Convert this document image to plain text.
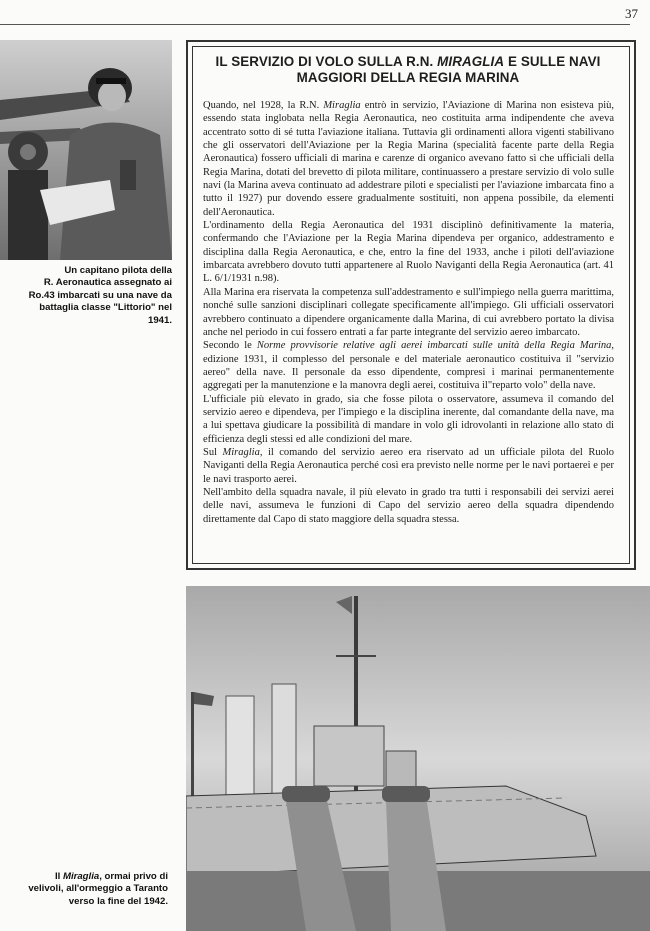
37
Un capitano pilota della
R. Aeronautica assegnato ai
Ro.43 imbarcati su una nave da
battaglia classe "Littorio" nel
1941.
IL SERVIZIO DI VOLO SULLA R.N. MIRAGLIA E SULLE NAVI
MAGGIORI DELLA REGIA MARINA

Quando, nel 1928, la R.N. Miraglia entrò in servizio, l'Aviazione di Marina non esisteva più, essendo stata inglobata nella Regia Aeronautica, neo costituita arma indipendente che aveva accentrato sotto di sé tutta l'aviazione italiana. Tuttavia gli ordinamenti allora vigenti stabilivano che gli osservatori dell'Aviazione per la Regia Marina (specialità facente parte della Regia Aeronautica) fossero ufficiali di marina e carenze di organico avevano fatto sì che ufficiali della Regia Marina, dotati del brevetto di pilota militare, continuassero a prestare servizio di volo sulle navi (la Marina aveva continuato ad addestrare piloti e specialisti per l'aviazione imbarcata fino a tutto il 1927) pur dovendo essere gradualmente sostituiti, non appena possibile, da elementi dell'Aeronautica.

L'ordinamento della Regia Aeronautica del 1931 disciplinò definitivamente la materia, confermando che l'Aviazione per la Regia Marina dipendeva per organico, addestramento e disciplina dalla Regia Aeronautica, e che, entro la fine del 1933, anche i piloti dell'aviazione imbarcata avrebbero dovuto tutti appartenere al Ruolo Naviganti della Regia Aeronautica (art. 41 L. 6/1/1931 n.98).

Alla Marina era riservata la competenza sull'addestramento e sull'impiego nella guerra marittima, nonché sulle sanzioni disciplinari collegate specificamente all'impiego. Gli ufficiali osservatori avrebbero continuato a dipendere organicamente dalla Marina, di cui avrebbero portato la divisa anche nel periodo in cui fossero entrati a far parte integrante del servizio aereo imbarcato.

Secondo le Norme provvisorie relative agli aerei imbarcati sulle unità della Regia Marina, edizione 1931, il complesso del personale e del materiale aeronautico costituiva il "servizio aereo" della nave. Il personale da esso dipendente, compresi i marinai permanentemente aggregati per la manutenzione e la manovra degli aerei, costituiva il"reparto volo" della nave.

L'ufficiale più elevato in grado, sia che fosse pilota o osservatore, assumeva il comando del servizio aereo e dipendeva, per l'impiego e la disciplina inerente, dal comandante della nave, ma a lui spettava giudicare la possibilità di mandare in volo gli idrovolanti in relazione allo stato di efficienza degli stessi ed alle condizioni del mare.

Sul Miraglia, il comando del servizio aereo era riservato ad un ufficiale pilota del Ruolo Naviganti della Regia Aeronautica perché così era previsto nelle norme per le navi portaerei e per le navi trasporto aerei.

Nell'ambito della squadra navale, il più elevato in grado tra tutti i responsabili dei servizi aerei delle navi, assumeva le funzioni di Capo del servizio aereo della squadra dipendendo direttamente dal Capo di stato maggiore della squadra stessa.

Il Miraglia, ormai privo di
velivoli, all'ormeggio a Taranto
verso la fine del 1942.
